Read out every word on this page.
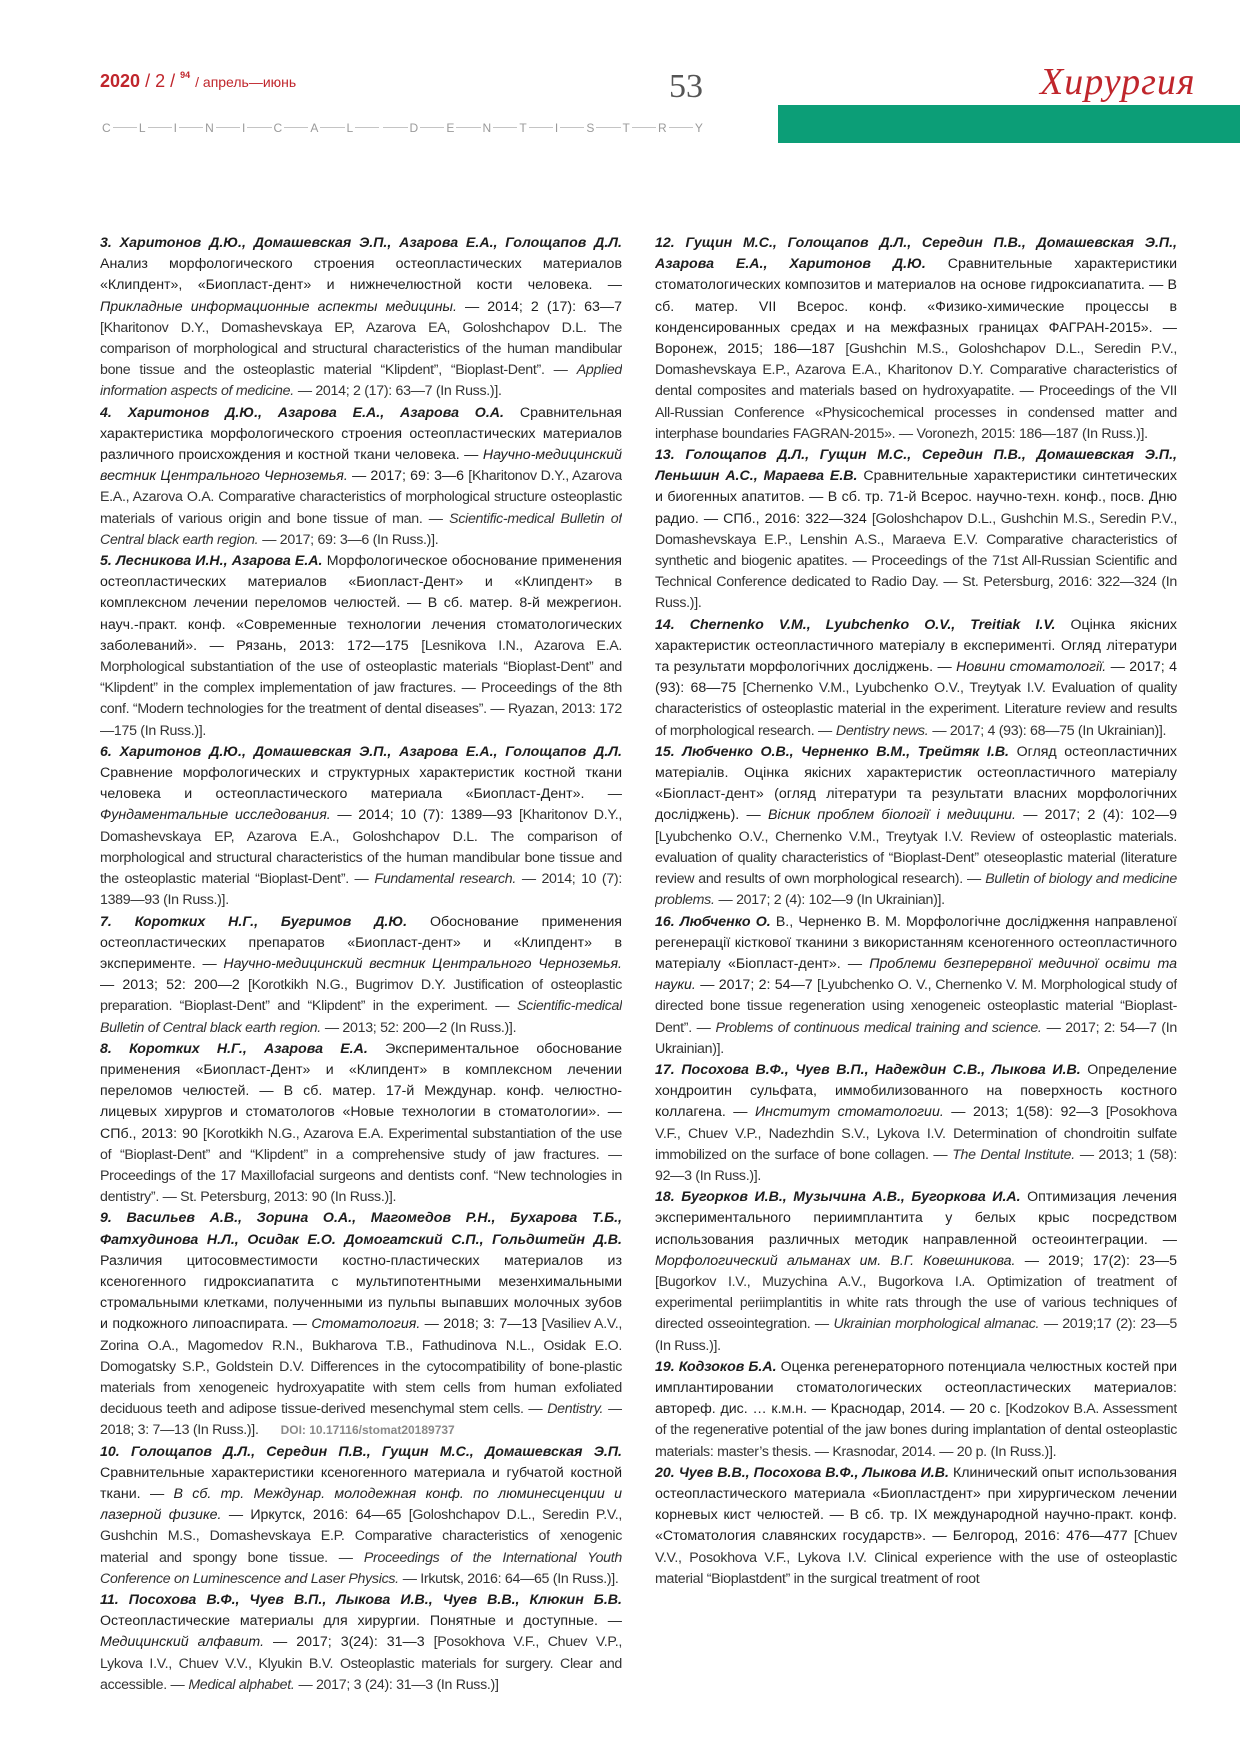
2020 / 2 / $^{94}$ / апрель—июнь	53
C L I N I C A L	D E N T I S T R Y
Хирургия

3. Харитонов Д.Ю., Домашевская Э.П., Азарова Е.А., Голощапов Д.Л. Анализ морфологического строения остеопластических материалов «Клипдент», «Биопласт-дент» и нижнечелюстной кости человека. — Прикладные информационные аспекты медицины. — 2014; 2 (17): 63—7 [Kharitonov D.Y., Domashevskaya EP, Azarova EA, Goloshchapov D.L. The comparison of morphological and structural characteristics of the human mandibular bone tissue and the osteoplastic material “Klipdent”, “Bioplast-Dent”. — Applied information aspects of medicine. — 2014; 2 (17): 63—7 (In Russ.)].

4. Харитонов Д.Ю., Азарова Е.А., Азарова О.А. Сравнительная характеристика морфологического строения остеопластических материалов различного происхождения и костной ткани человека. — Научно-медицинский вестник Центрального Черноземья. — 2017; 69: 3—6 [Kharitonov D.Y., Azarova E.A., Azarova O.A. Comparative characteristics of morphological structure osteoplastic materials of various origin and bone tissue of man. — Scientific-medical Bulletin of Central black earth region. — 2017; 69: 3—6 (In Russ.)].

5. Лесникова И.Н., Азарова Е.А. Морфологическое обоснование применения остеопластических материалов «Биопласт-Дент» и «Клипдент» в комплексном лечении переломов челюстей. — В сб. матер. 8-й межрегион. науч.-практ. конф. «Современные технологии лечения стоматологических заболеваний». — Рязань, 2013: 172—175 [Lesnikova I.N., Azarova E.A. Morphological substantiation of the use of osteoplastic materials “Bioplast-Dent” and “Klipdent” in the complex implementation of jaw fractures. — Proceedings of the 8th conf. “Modern technologies for the treatment of dental diseases”. — Ryazan, 2013: 172—175 (In Russ.)].

6. Харитонов Д.Ю., Домашевская Э.П., Азарова Е.А., Голощапов Д.Л. Сравнение морфологических и структурных характеристик костной ткани человека и остеопластического материала «Биопласт-Дент». — Фундаментальные исследования. — 2014; 10 (7): 1389—93 [Kharitonov D.Y., Domashevskaya EP, Azarova E.A., Goloshchapov D.L. The comparison of morphological and structural characteristics of the human mandibular bone tissue and the osteoplastic material “Bioplast-Dent”. — Fundamental research. — 2014; 10 (7): 1389—93 (In Russ.)].

7. Коротких Н.Г., Бугримов Д.Ю. Обоснование применения остеопластических препаратов «Биопласт-дент» и «Клипдент» в эксперименте. — Научно-медицинский вестник Центрального Черноземья. — 2013; 52: 200—2 [Korotkikh N.G., Bugrimov D.Y. Justification of osteoplastic preparation. “Bioplast-Dent” and “Klipdent” in the experiment. — Scientific-medical Bulletin of Central black earth region. — 2013; 52: 200—2 (In Russ.)].

8. Коротких Н.Г., Азарова Е.А. Экспериментальное обоснование применения «Биопласт-Дент» и «Клипдент» в комплексном лечении переломов челюстей. — В сб. матер. 17-й Междунар. конф. челюстно-лицевых хирургов и стоматологов «Новые технологии в стоматологии». — СПб., 2013: 90 [Korotkikh N.G., Azarova E.A. Experimental substantiation of the use of “Bioplast-Dent” and “Klipdent” in a comprehensive study of jaw fractures. — Proceedings of the 17 Maxillofacial surgeons and dentists conf. “New technologies in dentistry”. — St. Petersburg, 2013: 90 (In Russ.)].

9. Васильев А.В., Зорина О.А., Магомедов Р.Н., Бухарова Т.Б., Фатхудинова Н.Л., Осидак Е.О. Домогатский С.П., Гольдштейн Д.В. Различия цитосовместимости костно-пластических материалов из ксеногенного гидроксиапатита с мультипотентными мезенхимальными стромальными клетками, полученными из пульпы выпавших молочных зубов и подкожного липоаспирата. — Стоматология. — 2018; 3: 7—13 [Vasiliev A.V., Zorina O.A., Magomedov R.N., Bukharova T.B., Fathudinova N.L., Osidak E.O. Domogatsky S.P., Goldstein D.V. Differences in the cytocompatibility of bone-plastic materials from xenogeneic hydroxyapatite with stem cells from human exfoliated deciduous teeth and adipose tissue-derived mesenchymal stem cells. — Dentistry. — 2018; 3: 7—13 (In Russ.)]. DOI: 10.17116/stomat20189737

10. Голощапов Д.Л., Середин П.В., Гущин М.С., Домашевская Э.П. Сравнительные характеристики ксеногенного материала и губчатой костной ткани. — В сб. тр. Междунар. молодежная конф. по люминесценции и лазерной физике. — Иркутск, 2016: 64—65 [Goloshchapov D.L., Seredin P.V., Gushchin M.S., Domashevskaya E.P. Comparative characteristics of xenogenic material and spongy bone tissue. — Proceedings of the International Youth Conference on Luminescence and Laser Physics. — Irkutsk, 2016: 64—65 (In Russ.)].

11. Посохова В.Ф., Чуев В.П., Лыкова И.В., Чуев В.В., Клюкин Б.В. Остеопластические материалы для хирургии. Понятные и доступные. — Медицинский алфавит. — 2017; 3(24): 31—3 [Posokhova V.F., Chuev V.P., Lykova I.V., Chuev V.V., Klyukin B.V. Osteoplastic materials for surgery. Clear and accessible. — Medical alphabet. — 2017; 3 (24): 31—3 (In Russ.)]

12. Гущин М.С., Голощапов Д.Л., Середин П.В., Домашевская Э.П., Азарова Е.А., Харитонов Д.Ю. Сравнительные характеристики стоматологических композитов и материалов на основе гидроксиапатита. — В сб. матер. VII Всерос. конф. «Физико-химические процессы в конденсированных средах и на межфазных границах ФАГРАН-2015». — Воронеж, 2015; 186—187 [Gushchin M.S., Goloshchapov D.L., Seredin P.V., Domashevskaya E.P., Azarova E.A., Kharitonov D.Y. Comparative characteristics of dental composites and materials based on hydroxyapatite. — Proceedings of the VII All-Russian Conference «Physicochemical processes in condensed matter and interphase boundaries FAGRAN-2015». — Voronezh, 2015: 186—187 (In Russ.)].

13. Голощапов Д.Л., Гущин М.С., Середин П.В., Домашевская Э.П., Леньшин А.С., Мараева Е.В. Сравнительные характеристики синтетических и биогенных апатитов. — В сб. тр. 71-й Всерос. научно-техн. конф., посв. Дню радио. — СПб., 2016: 322—324 [Goloshchapov D.L., Gushchin M.S., Seredin P.V., Domashevskaya E.P., Lenshin A.S., Maraeva E.V. Comparative characteristics of synthetic and biogenic apatites. — Proceedings of the 71st All-Russian Scientific and Technical Conference dedicated to Radio Day. — St. Petersburg, 2016: 322—324 (In Russ.)].

14. Chernenko V.M., Lyubchenko O.V., Treitiak I.V. Оцінка якісних характеристик остеопластичного матеріалу в експерименті. Огляд літератури та результати морфологічних досліджень. — Новини стоматології. — 2017; 4 (93): 68—75 [Chernenko V.M., Lyubchenko O.V., Treytyak I.V. Evaluation of quality characteristics of osteoplastic material in the experiment. Literature review and results of morphological research. — Dentistry news. — 2017; 4 (93): 68—75 (In Ukrainian)].

15. Любченко О.В., Черненко В.М., Трейтяк І.В. Огляд остеопластичних матеріалів. Оцінка якісних характеристик остеопластичного матеріалу «Біопласт-дент» (огляд літератури та результати власних морфологічних досліджень). — Вісник проблем біології і медицини. — 2017; 2 (4): 102—9 [Lyubchenko O.V., Chernenko V.M., Treytyak I.V. Review of osteoplastic materials. evaluation of quality characteristics of “Bioplast-Dent” oteseoplastic material (literature review and results of own morphological research). — Bulletin of biology and medicine problems. — 2017; 2 (4): 102—9 (In Ukrainian)].

16. Любченко О. В., Черненко В. М. Морфологічне дослідження направленої регенерації кісткової тканини з використанням ксеногенного остеопластичного матеріалу «Біопласт-дент». — Проблеми безперервної медичної освіти та науки. — 2017; 2: 54—7 [Lyubchenko O. V., Chernenko V. M. Morphological study of directed bone tissue regeneration using xenogeneic osteoplastic material “Bioplast-Dent”. — Problems of continuous medical training and science. — 2017; 2: 54—7 (In Ukrainian)].

17. Посохова В.Ф., Чуев В.П., Надеждин С.В., Лыкова И.В. Определение хондроитин сульфата, иммобилизованного на поверхность костного коллагена. — Институт стоматологии. — 2013; 1(58): 92—3 [Posokhova V.F., Chuev V.P., Nadezhdin S.V., Lykova I.V. Determination of chondroitin sulfate immobilized on the surface of bone collagen. — The Dental Institute. — 2013; 1 (58): 92—3 (In Russ.)].

18. Бугорков И.В., Музычина А.В., Бугоркова И.А. Оптимизация лечения экспериментального периимплантита у белых крыс посредством использования различных методик направленной остеоинтеграции. — Морфологический альманах им. В.Г. Ковешникова. — 2019; 17(2): 23—5 [Bugorkov I.V., Muzychina A.V., Bugorkova I.A. Optimization of treatment of experimental periimplantitis in white rats through the use of various techniques of directed osseointegration. — Ukrainian morphological almanac. — 2019;17 (2): 23—5 (In Russ.)].

19. Кодзоков Б.А. Оценка регенераторного потенциала челюстных костей при имплантировании стоматологических остеопластических материалов: автореф. дис. … к.м.н. — Краснодар, 2014. — 20 с. [Kodzokov B.A. Assessment of the regenerative potential of the jaw bones during implantation of dental osteoplastic materials: master’s thesis. — Krasnodar, 2014. — 20 p. (In Russ.)].

20. Чуев В.В., Посохова В.Ф., Лыкова И.В. Клинический опыт использования остеопластического материала «Биопластдент» при хирургическом лечении корневых кист челюстей. — В сб. тр. IX международной научно-практ. конф. «Стоматология славянских государств». — Белгород, 2016: 476—477 [Chuev V.V., Posokhova V.F., Lykova I.V. Clinical experience with the use of osteoplastic material “Bioplastdent” in the surgical treatment of root
